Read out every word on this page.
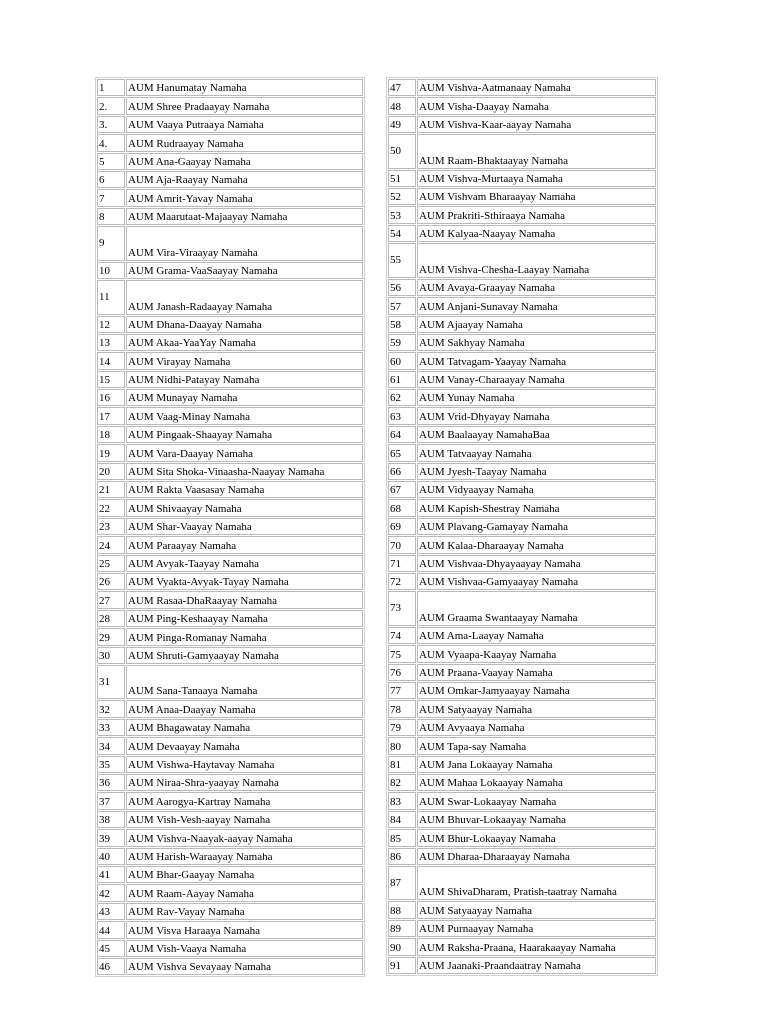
1	AUM Hanumatay Namaha
2.	AUM Shree Pradaayay Namaha
3.	AUM Vaaya Putraaya Namaha
4.	AUM Rudraayay Namaha
5	AUM Ana-Gaayay Namaha
6	AUM Aja-Raayay Namaha
7	AUM Amrit-Yavay Namaha
8	AUM Maarutaat-Majaayay Namaha
9	AUM Vira-Viraayay Namaha
10	AUM Grama-VaaSaayay Namaha
11	AUM Janash-Radaayay Namaha
12	AUM Dhana-Daayay Namaha
13	AUM Akaa-YaaYay Namaha
14	AUM Virayay Namaha
15	AUM Nidhi-Patayay Namaha
16	AUM Munayay Namaha
17	AUM Vaag-Minay Namaha
18	AUM Pingaak-Shaayay Namaha
19	AUM Vara-Daayay Namaha
20	AUM Sita Shoka-Vinaasha-Naayay Namaha
21	AUM Rakta Vaasasay Namaha
22	AUM Shivaayay Namaha
23	AUM Shar-Vaayay Namaha
24	AUM Paraayay Namaha
25	AUM Avyak-Taayay Namaha
26	AUM Vyakta-Avyak-Tayay Namaha
27	AUM Rasaa-DhaRaayay Namaha
28	AUM Ping-Keshaayay Namaha
29	AUM Pinga-Romanay Namaha
30	AUM Shruti-Gamyaayay Namaha
31	AUM Sana-Tanaaya Namaha
32	AUM Anaa-Daayay Namaha
33	AUM Bhagawatay Namaha
34	AUM Devaayay Namaha
35	AUM Vishwa-Haytavay Namaha
36	AUM Niraa-Shra-yaayay Namaha
37	AUM Aarogya-Kartray Namaha
38	AUM Vish-Vesh-aayay Namaha
39	AUM Vishva-Naayak-aayay Namaha
40	AUM Harish-Waraayay Namaha
41	AUM Bhar-Gaayay Namaha
42	AUM Raam-Aayay Namaha
43	AUM Rav-Vayay Namaha
44	AUM Visva Haraaya Namaha
45	AUM Vish-Vaaya Namaha
46	AUM Vishva Sevayaay Namaha
47	AUM Vishva-Aatmanaay Namaha
48	AUM Visha-Daayay Namaha
49	AUM Vishva-Kaar-aayay Namaha
50	AUM Raam-Bhaktaayay Namaha
51	AUM Vishva-Murtaaya Namaha
52	AUM Vishvam Bharaayay Namaha
53	AUM Prakriti-Sthiraaya Namaha
54	AUM Kalyaa-Naayay Namaha
55	AUM Vishva-Chesha-Laayay Namaha
56	AUM Avaya-Graayay Namaha
57	AUM Anjani-Sunavay Namaha
58	AUM Ajaayay Namaha
59	AUM Sakhyay Namaha
60	AUM Tatvagam-Yaayay Namaha
61	AUM Vanay-Charaayay Namaha
62	AUM Yunay Namaha
63	AUM Vrid-Dhyayay Namaha
64	AUM Baalaayay NamahaBaa
65	AUM Tatvaayay Namaha
66	AUM Jyesh-Taayay Namaha
67	AUM Vidyaayay Namaha
68	AUM Kapish-Shestray Namaha
69	AUM Plavang-Gamayay Namaha
70	AUM Kalaa-Dharaayay Namaha
71	AUM Vishvaa-Dhyayaayay Namaha
72	AUM Vishvaa-Gamyaayay Namaha
73	AUM Graama Swantaayay Namaha
74	AUM Ama-Laayay Namaha
75	AUM Vyaapa-Kaayay Namaha
76	AUM Praana-Vaayay Namaha
77	AUM Omkar-Jamyaayay Namaha
78	AUM Satyaayay Namaha
79	AUM Avyaaya Namaha
80	AUM Tapa-say Namaha
81	AUM Jana Lokaayay Namaha
82	AUM Mahaa Lokaayay Namaha
83	AUM Swar-Lokaayay Namaha
84	AUM Bhuvar-Lokaayay Namaha
85	AUM Bhur-Lokaayay Namaha
86	AUM Dharaa-Dharaayay Namaha
87	AUM ShivaDharam, Pratish-taatray Namaha
88	AUM Satyaayay Namaha
89	AUM Purnaayay Namaha
90	AUM Raksha-Praana, Haarakaayay Namaha
91	AUM Jaanaki-Praandaatray Namaha
